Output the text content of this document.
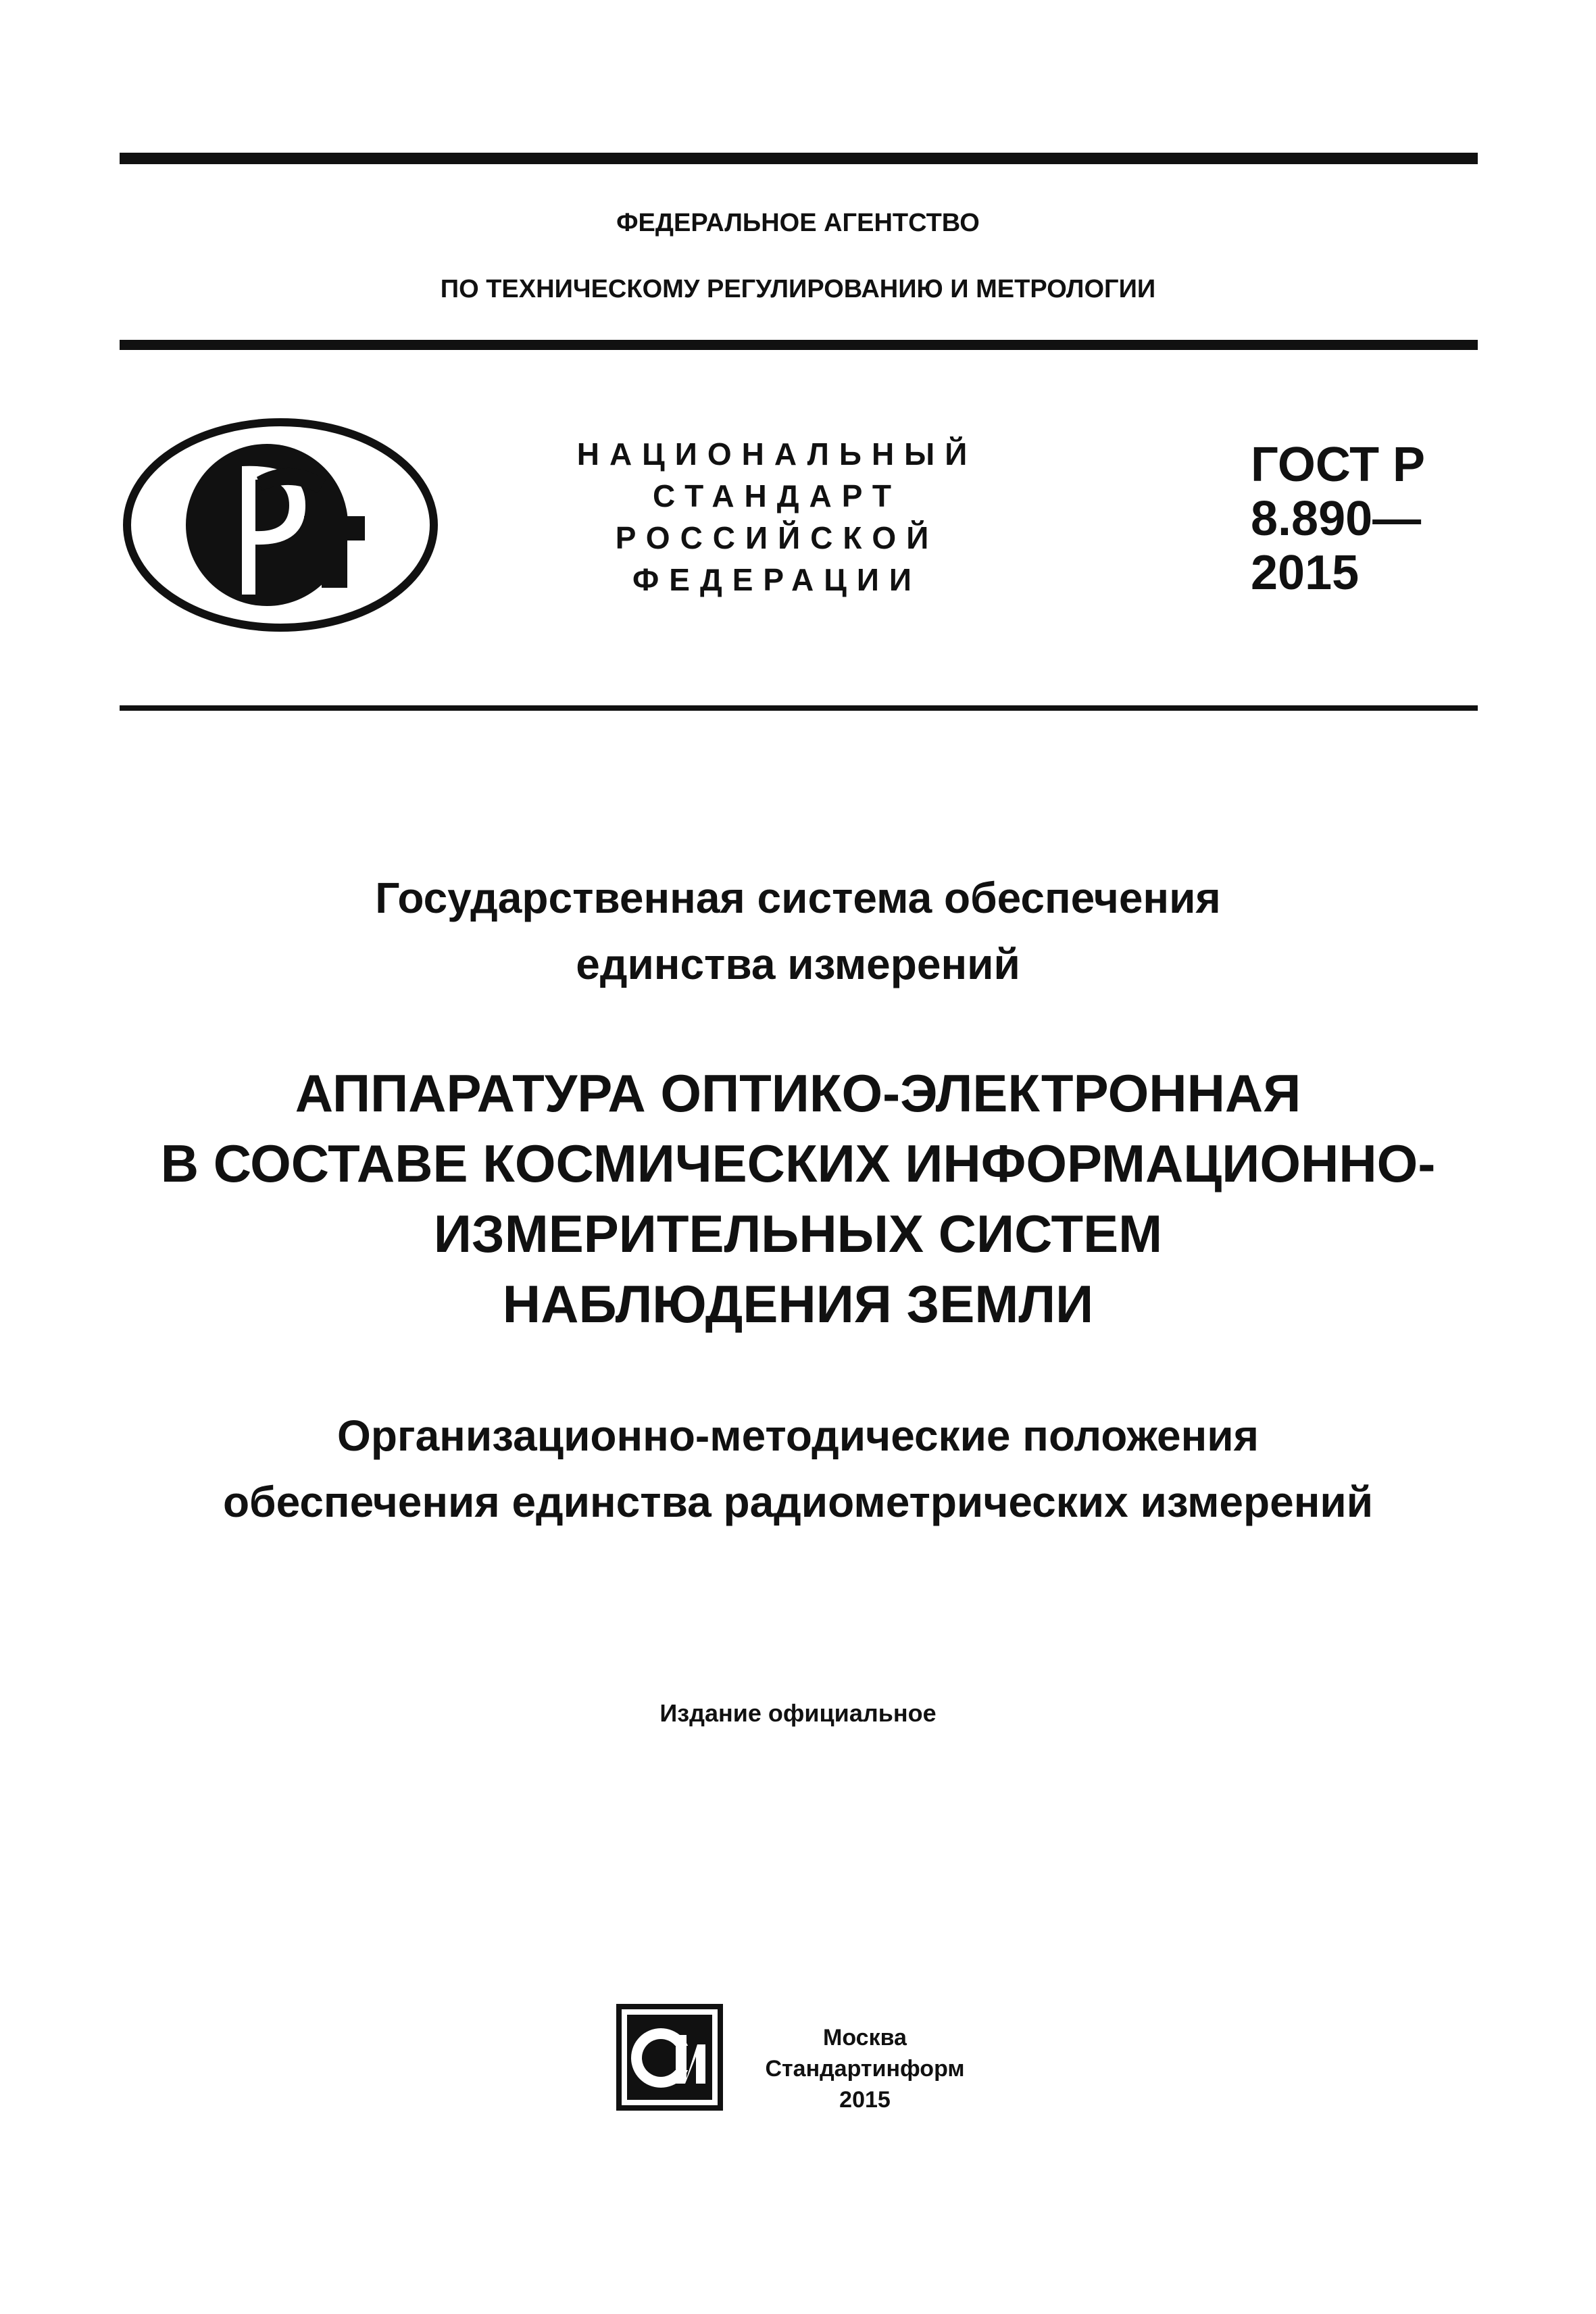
ФЕДЕРАЛЬНОЕ АГЕНТСТВО
ПО ТЕХНИЧЕСКОМУ РЕГУЛИРОВАНИЮ И МЕТРОЛОГИИ
НАЦИОНАЛЬНЫЙ
СТАНДАРТ
РОССИЙСКОЙ
ФЕДЕРАЦИИ
ГОСТ Р
8.890—
2015
Государственная система обеспечения
единства измерений
АППАРАТУРА ОПТИКО-ЭЛЕКТРОННАЯ
В СОСТАВЕ КОСМИЧЕСКИХ ИНФОРМАЦИОННО-
ИЗМЕРИТЕЛЬНЫХ СИСТЕМ
НАБЛЮДЕНИЯ ЗЕМЛИ
Организационно-методические положения
обеспечения единства радиометрических измерений
Издание официальное
Москва
Стандартинформ
2015
